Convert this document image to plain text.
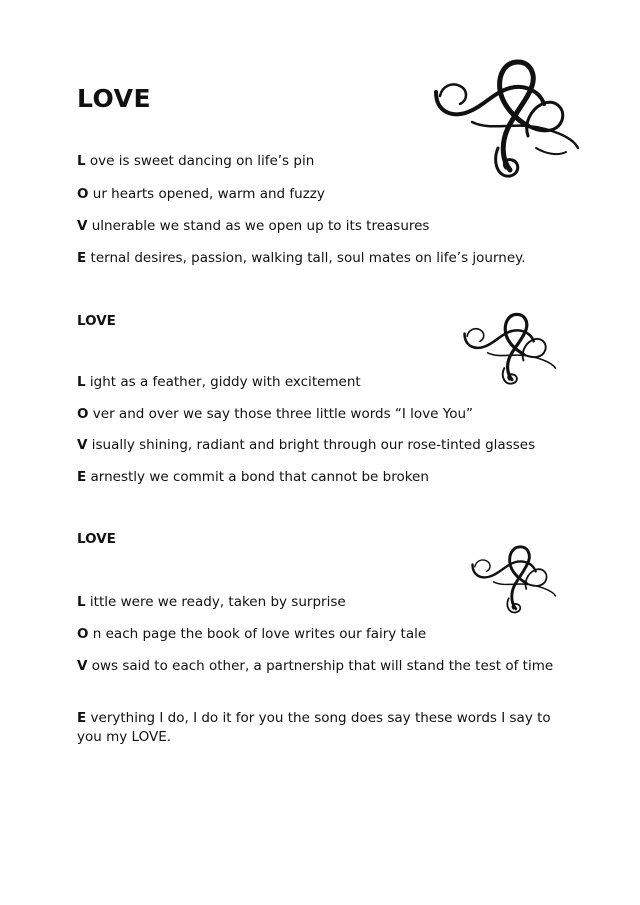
LOVE

L ove is sweet dancing on life’s pin

O ur hearts opened, warm and fuzzy

V ulnerable we stand as we open up to its treasures

E ternal desires, passion, walking tall, soul mates on life’s journey.

LOVE

L ight as a feather, giddy with excitement

O ver and over we say those three little words “I love You”

V isually shining, radiant and bright through our rose-tinted glasses

E arnestly we commit a bond that cannot be broken

LOVE

L ittle were we ready, taken by surprise

O n each page the book of love writes our fairy tale

V ows said to each other, a partnership that will stand the test of time

E verything I do, I do it for you the song does say these words I say to you my LOVE.
